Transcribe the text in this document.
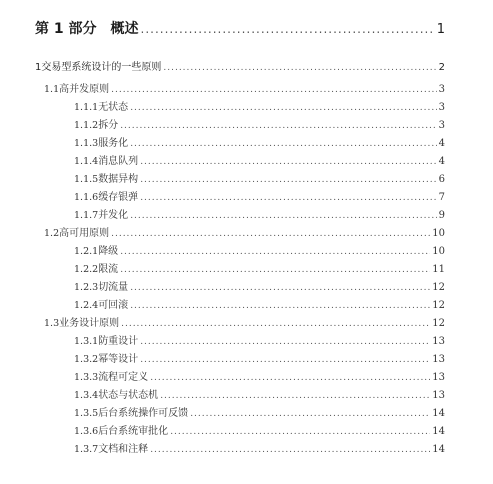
第 1 部分 概述 .....	1
1 交易型系统设计的一些原则 .....	2
1.1 高并发原则 .....	3
1.1.1 无状态 .....	3
1.1.2 拆分 .....	3
1.1.3 服务化 .....	4
1.1.4 消息队列 .....	4
1.1.5 数据异构 .....	6
1.1.6 缓存银弹 .....	7
1.1.7 并发化 .....	9
1.2 高可用原则 .....	10
1.2.1 降级 .....	10
1.2.2 限流 .....	11
1.2.3 切流量 .....	12
1.2.4 可回滚 .....	12
1.3 业务设计原则 .....	12
1.3.1 防重设计 .....	13
1.3.2 幂等设计 .....	13
1.3.3 流程可定义 .....	13
1.3.4 状态与状态机 .....	13
1.3.5 后台系统操作可反馈 .....	14
1.3.6 后台系统审批化 .....	14
1.3.7 文档和注释 .....	14
